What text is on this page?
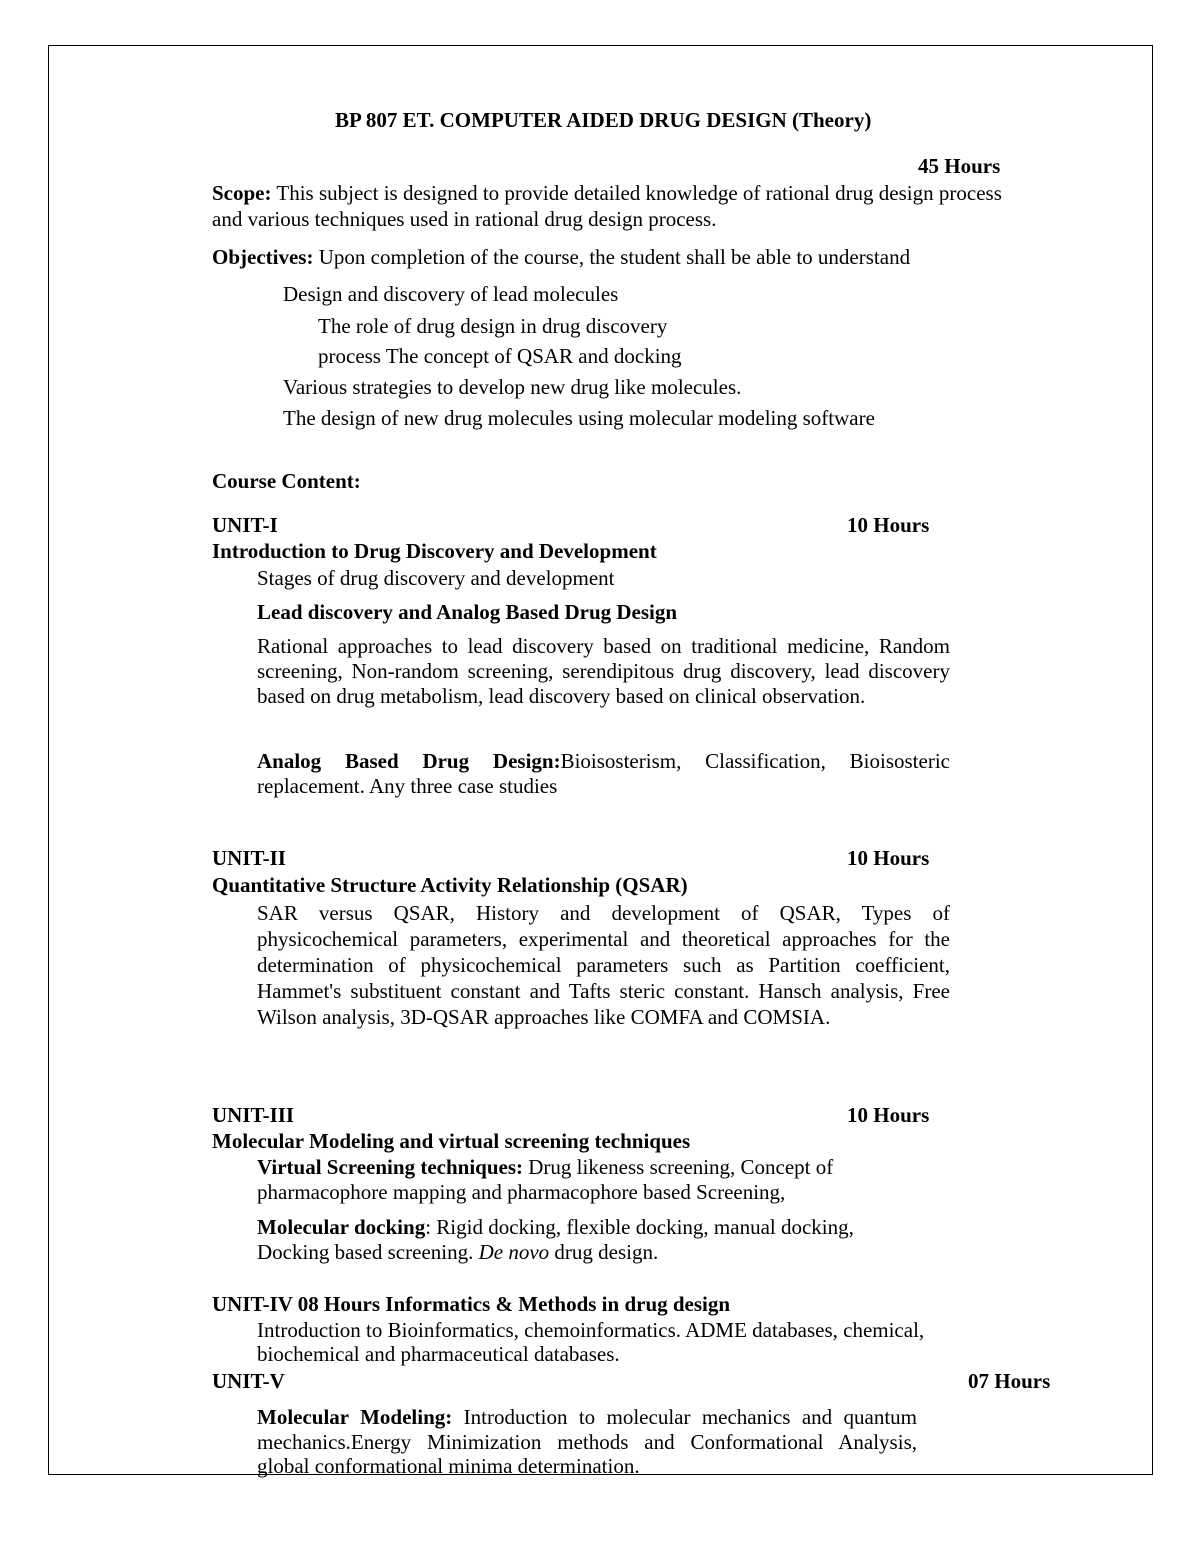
BP 807 ET. COMPUTER AIDED DRUG DESIGN (Theory)
45 Hours
Scope: This subject is designed to provide detailed knowledge of rational drug design process and various techniques used in rational drug design process.
Objectives: Upon completion of the course, the student shall be able to understand
Design and discovery of lead molecules
The role of drug design in drug discovery
process The concept of QSAR and docking
Various strategies to develop new drug like molecules.
The design of new drug molecules using molecular modeling software
Course Content:
UNIT-I	10 Hours
Introduction to Drug Discovery and Development
Stages of drug discovery and development
Lead discovery and Analog Based Drug Design
Rational approaches to lead discovery based on traditional medicine, Random screening, Non-random screening, serendipitous drug discovery, lead discovery based on drug metabolism, lead discovery based on clinical observation.
Analog Based Drug Design:Bioisosterism, Classification, Bioisosteric replacement. Any three case studies
UNIT-II	10 Hours
Quantitative Structure Activity Relationship (QSAR)
SAR versus QSAR, History and development of QSAR, Types of physicochemical parameters, experimental and theoretical approaches for the determination of physicochemical parameters such as Partition coefficient, Hammet's substituent constant and Tafts steric constant. Hansch analysis, Free Wilson analysis, 3D-QSAR approaches like COMFA and COMSIA.
UNIT-III	10 Hours
Molecular Modeling and virtual screening techniques
Virtual Screening techniques: Drug likeness screening, Concept of pharmacophore mapping and pharmacophore based Screening,
Molecular docking: Rigid docking, flexible docking, manual docking, Docking based screening. De novo drug design.
UNIT-IV 08 Hours Informatics & Methods in drug design
Introduction to Bioinformatics, chemoinformatics. ADME databases, chemical, biochemical and pharmaceutical databases.
UNIT-V	07 Hours
Molecular Modeling: Introduction to molecular mechanics and quantum mechanics.Energy Minimization methods and Conformational Analysis, global conformational minima determination.
